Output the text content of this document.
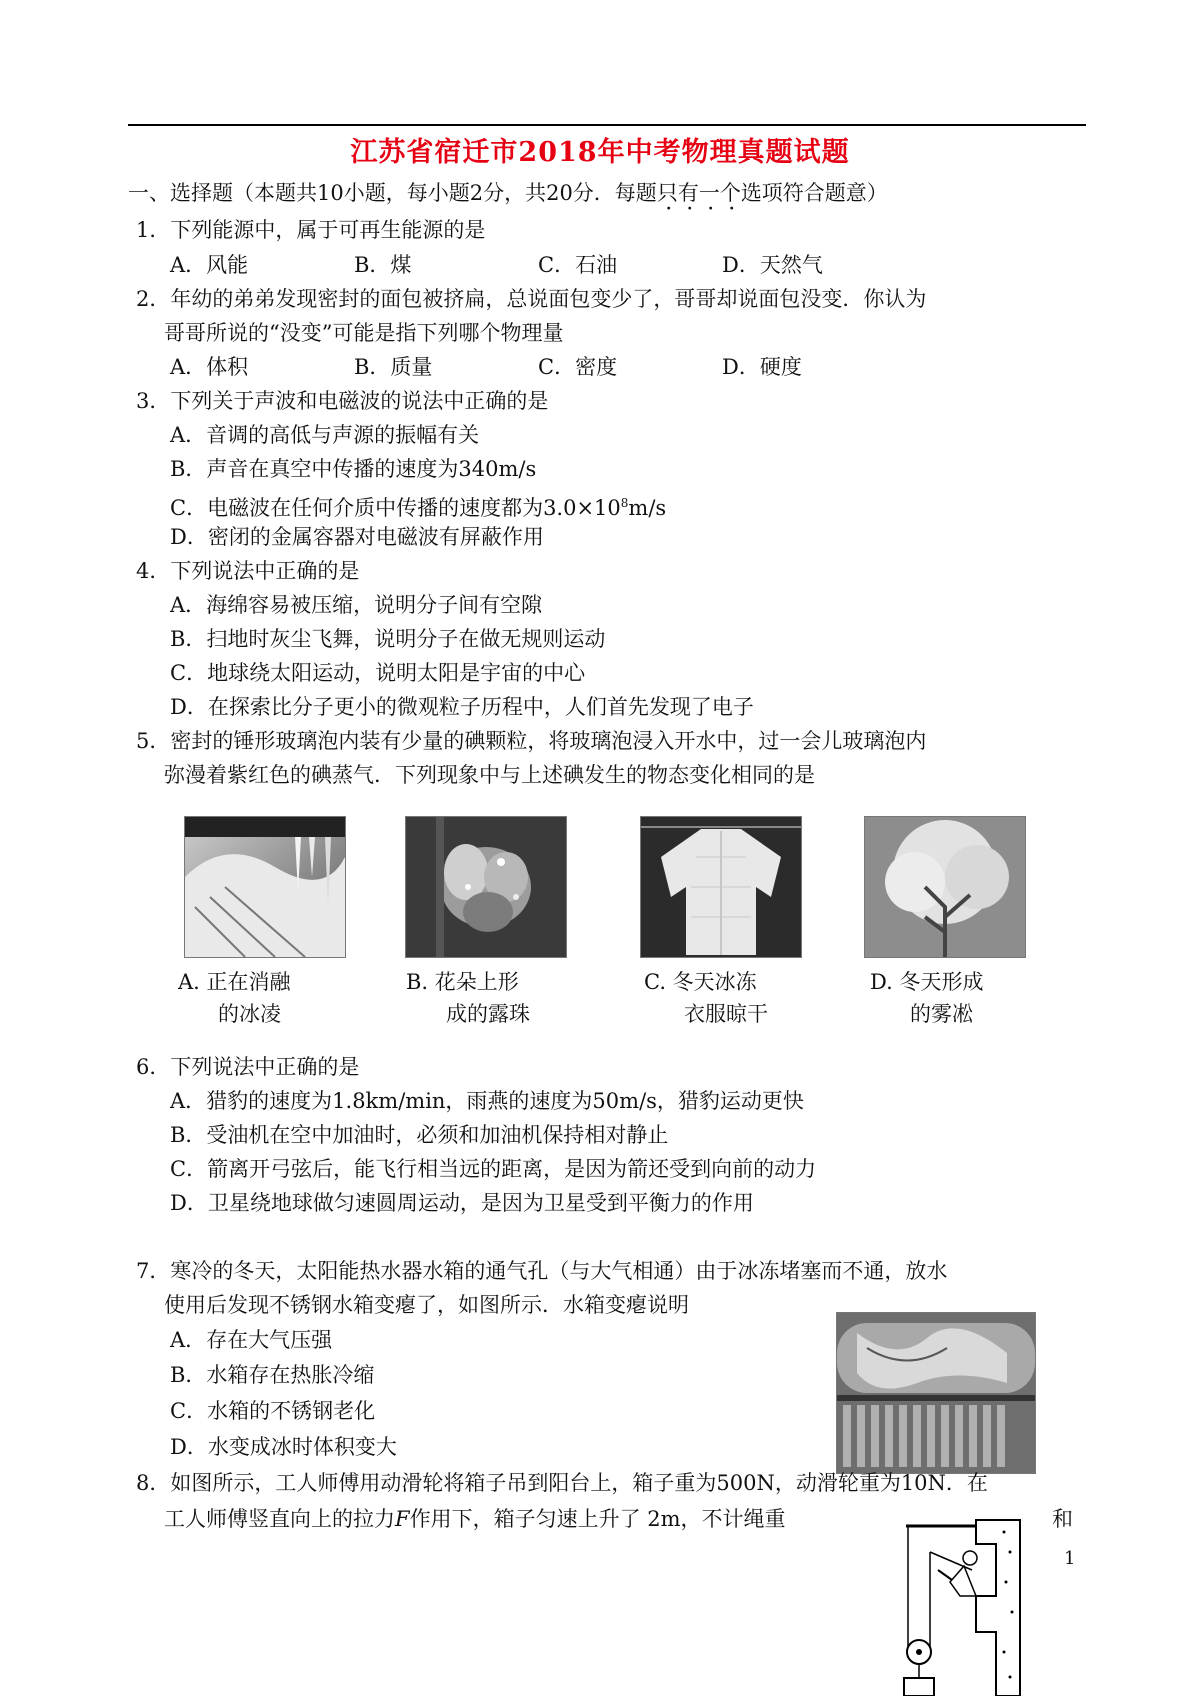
江苏省宿迁市2018年中考物理真题试题
一、选择题（本题共10小题，每小题2分，共20分．每题只有一个选项符合题意）
1．下列能源中，属于可再生能源的是
A．风能	B．煤	C．石油	D．天然气
2．年幼的弟弟发现密封的面包被挤扁，总说面包变少了，哥哥却说面包没变．你认为
哥哥所说的“没变”可能是指下列哪个物理量
A．体积	B．质量	C．密度	D．硬度
3．下列关于声波和电磁波的说法中正确的是
A．音调的高低与声源的振幅有关
B．声音在真空中传播的速度为340m/s
C．电磁波在任何介质中传播的速度都为$3.0\times 10^8m/s$
D．密闭的金属容器对电磁波有屏蔽作用
4．下列说法中正确的是
A．海绵容易被压缩，说明分子间有空隙
B．扫地时灰尘飞舞，说明分子在做无规则运动
C．地球绕太阳运动，说明太阳是宇宙的中心
D．在探索比分子更小的微观粒子历程中，人们首先发现了电子
5．密封的锤形玻璃泡内装有少量的碘颗粒，将玻璃泡浸入开水中，过一会儿玻璃泡内
弥漫着紫红色的碘蒸气．下列现象中与上述碘发生的物态变化相同的是
A. 正在消融
的冰凌
B. 花朵上形
成的露珠
C. 冬天冰冻
衣服晾干
D. 冬天形成
的雾凇
6．下列说法中正确的是
A．猎豹的速度为1.8km/min，雨燕的速度为50m/s，猎豹运动更快
B．受油机在空中加油时，必须和加油机保持相对静止
C．箭离开弓弦后，能飞行相当远的距离，是因为箭还受到向前的动力
D．卫星绕地球做匀速圆周运动，是因为卫星受到平衡力的作用
7．寒冷的冬天，太阳能热水器水箱的通气孔（与大气相通）由于冰冻堵塞而不通，放水
使用后发现不锈钢水箱变瘪了，如图所示．水箱变瘪说明
A．存在大气压强
B．水箱存在热胀冷缩
C．水箱的不锈钢老化
D．水变成冰时体积变大
8．如图所示，工人师傅用动滑轮将箱子吊到阳台上，箱子重为500N，动滑轮重为10N．在
工人师傅竖直向上的拉力F作用下，箱子匀速上升了 2m，不计绳重	和
1
